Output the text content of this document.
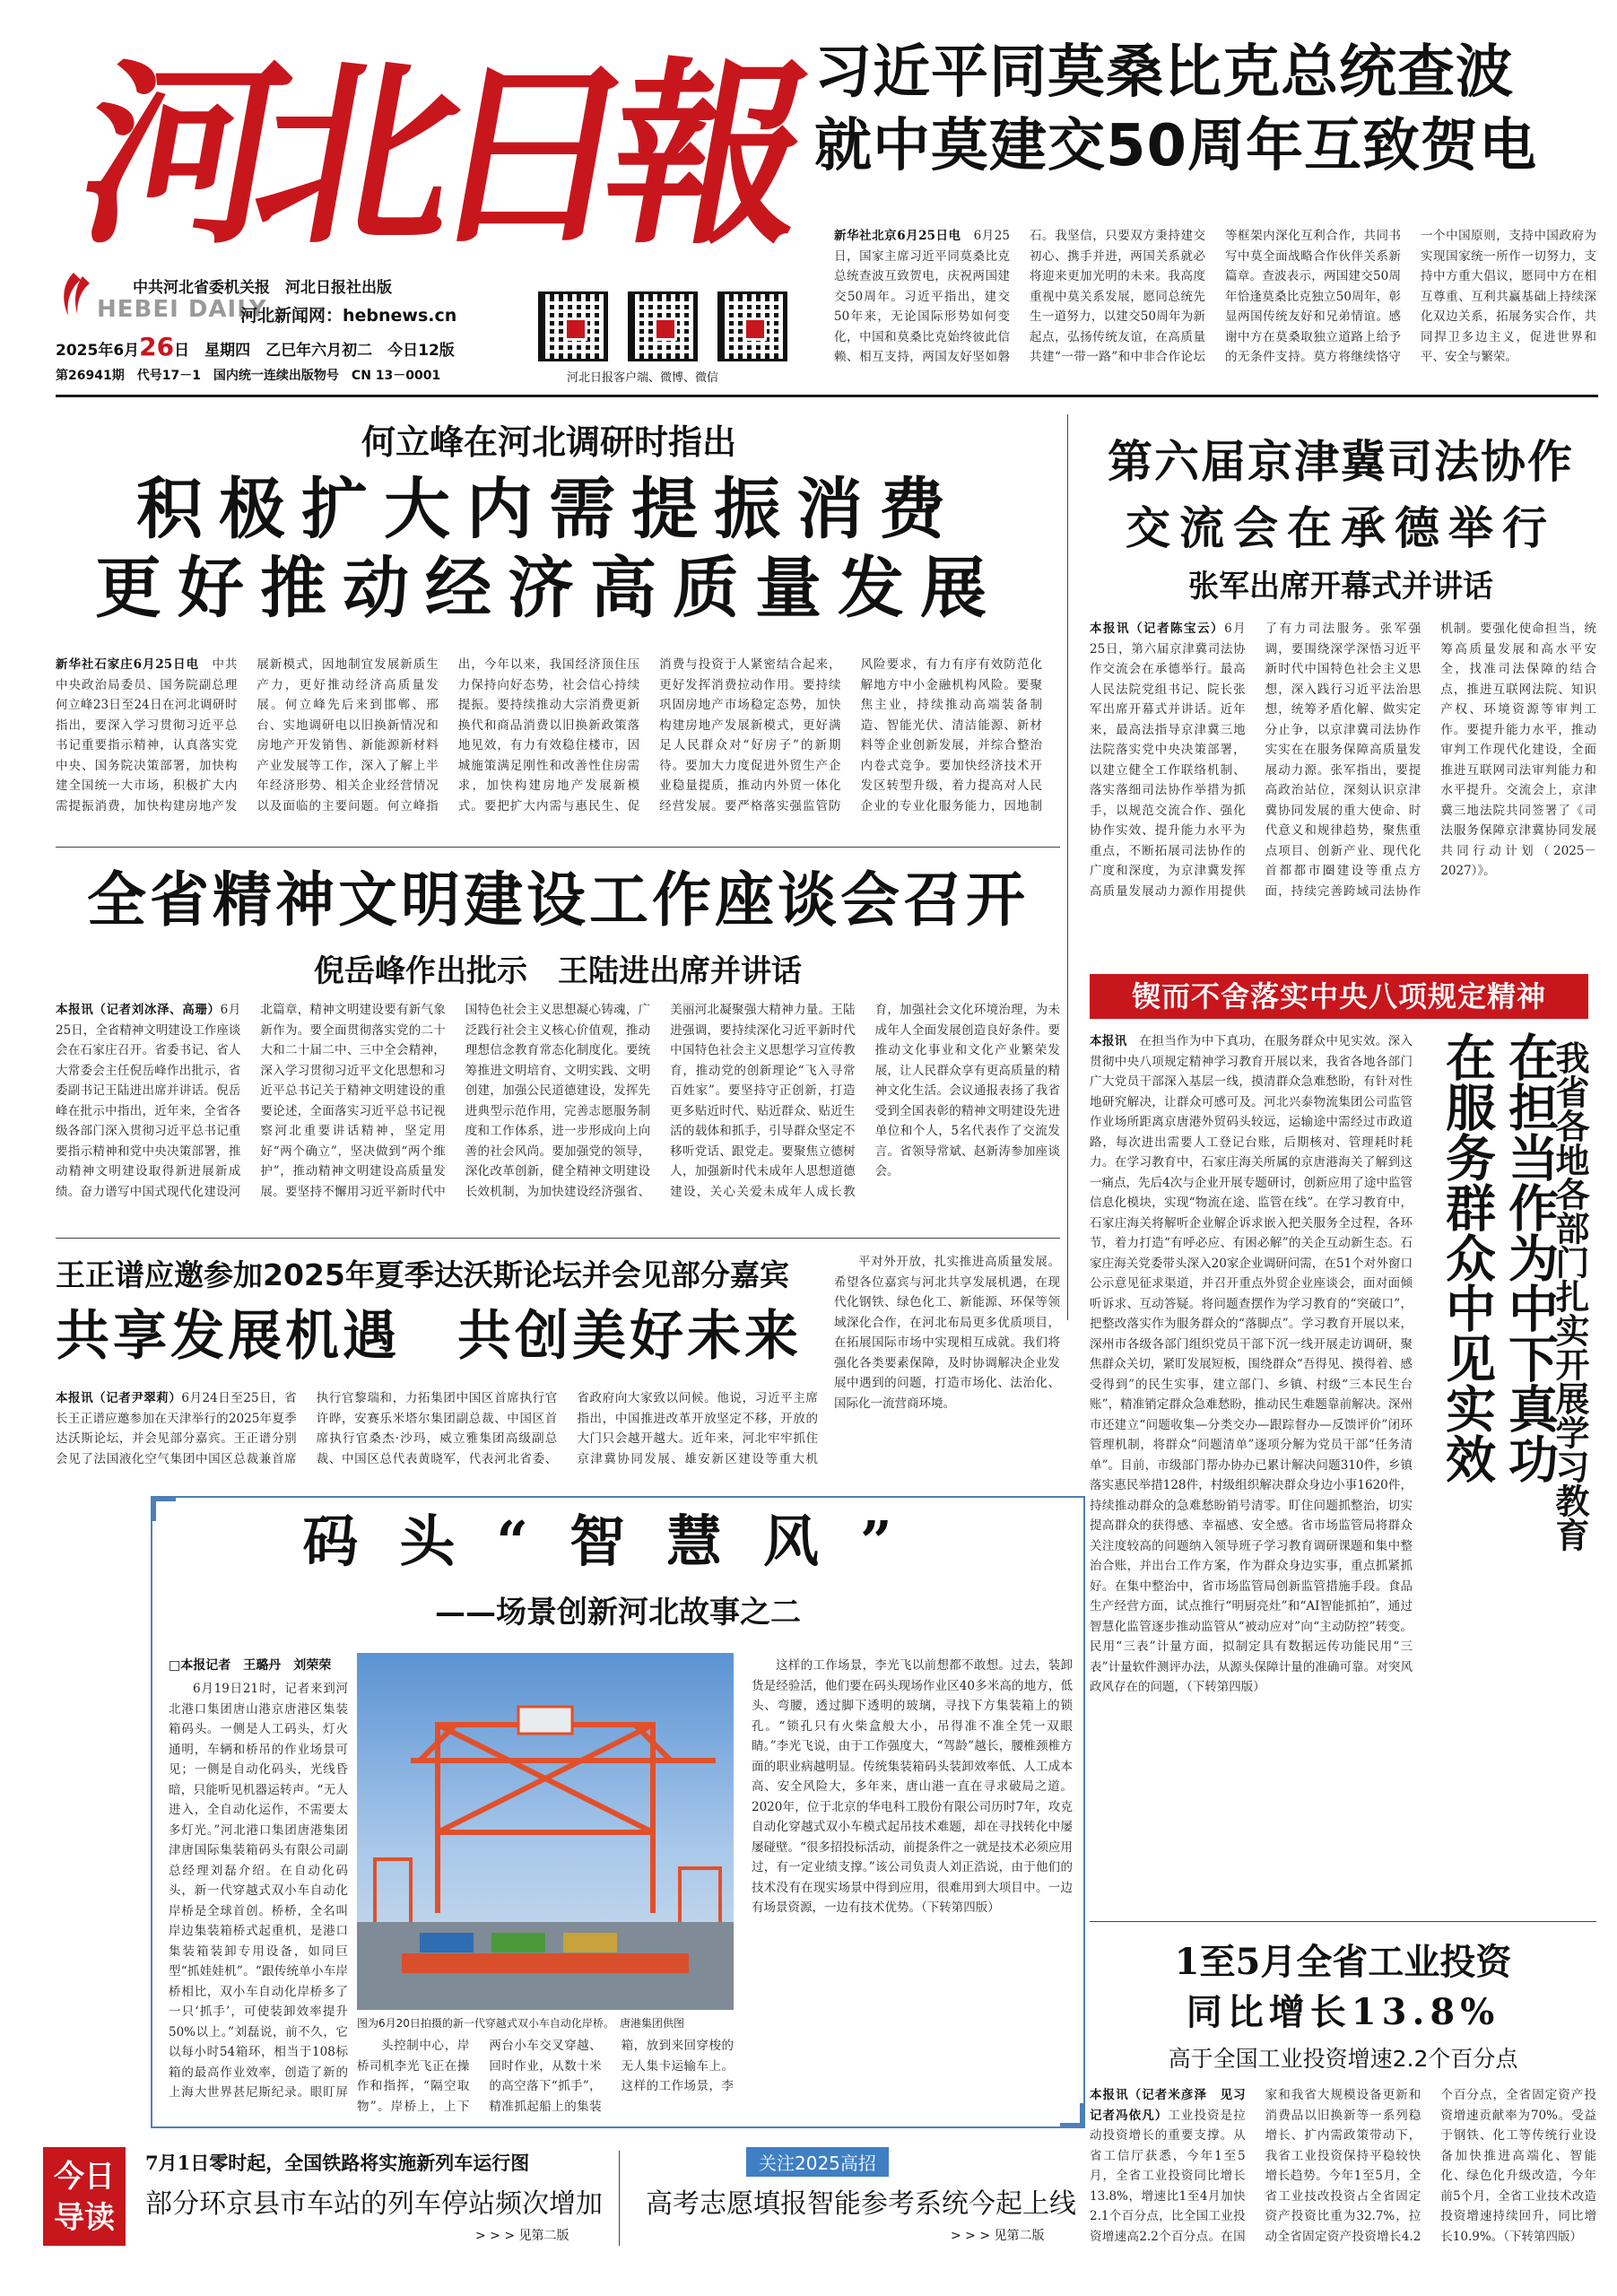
河
北
日
報
中共河北省委机关报　河北日报社出版
HEBEI DAILY
河北新闻网：hebnews.cn
2025年6月26日　星期四　乙巳年六月初二　今日12版
第26941期　代号17－1　国内统一连续出版物号　CN 13－0001	河北日报客户端、微博、微信
习近平同莫桑比克总统查波
就中莫建交50周年互致贺电

新华社北京6月25日电　 6月25日，国家主席习近平同莫桑比克总统查波互致贺电，庆祝两国建交50周年。习近平指出，建交50年来，无论国际形势如何变化，中国和莫桑比克始终彼此信赖、相互支持，两国友好坚如磐石。我坚信，只要双方秉持建交初心、携手并进，两国关系就必将迎来更加光明的未来。我高度重视中莫关系发展，愿同总统先生一道努力，以建交50周年为新起点，弘扬传统友谊，在高质量共建“一带一路”和中非合作论坛等框架内深化互利合作，共同书写中莫全面战略合作伙伴关系新篇章。查波表示，两国建交50周年恰逢莫桑比克独立50周年，彰显两国传统友好和兄弟情谊。感谢中方在莫桑取独立道路上给予的无条件支持。莫方将继续恪守一个中国原则，支持中国政府为实现国家统一所作一切努力，支持中方重大倡议，愿同中方在相互尊重、互利共赢基础上持续深化双边关系，拓展务实合作，共同捍卫多边主义，促进世界和平、安全与繁荣。

何立峰在河北调研时指出
积极扩大内需提振消费
更好推动经济高质量发展

新华社石家庄6月25日电　 中共中央政治局委员、国务院副总理何立峰23日至24日在河北调研时指出，要深入学习贯彻习近平总书记重要指示精神，认真落实党中央、国务院决策部署，加快构建全国统一大市场，积极扩大内需提振消费，加快构建房地产发展新模式，因地制宜发展新质生产力，更好推动经济高质量发展。何立峰先后来到邯郸、邢台、实地调研电以旧换新情况和房地产开发销售、新能源新材料产业发展等工作，深入了解上半年经济形势、相关企业经营情况以及面临的主要问题。何立峰指出，今年以来，我国经济顶住压力保持向好态势，社会信心持续提振。要持续推动大宗消费更新换代和商品消费以旧换新政策落地见效，有力有效稳住楼市，因城施策满足刚性和改善性住房需求，加快构建房地产发展新模式。要把扩大内需与惠民生、促消费与投资于人紧密结合起来，更好发挥消费拉动作用。要持续巩固房地产市场稳定态势，加快构建房地产发展新模式，更好满足人民群众对“好房子”的新期待。要加大力度促进外贸生产企业稳量提质，推动内外贸一体化经营发展。要严格落实强监管防风险要求，有力有序有效防范化解地方中小金融机构风险。要聚焦主业，持续推动高端装备制造、智能光伏、清洁能源、新材料等企业创新发展，并综合整治内卷式竞争。要加快经济技术开发区转型升级，着力提高对人民企业的专业化服务能力，因地制

第六届京津冀司法协作
交流会在承德举行
张军出席开幕式并讲话

本报讯（记者陈宝云）6月25日，第六届京津冀司法协作交流会在承德举行。最高人民法院党组书记、院长张军出席开幕式并讲话。近年来，最高法指导京津冀三地法院落实党中央决策部署，以建立健全工作联络机制、落实落细司法协作举措为抓手，以规范交流合作、强化协作实效、提升能力水平为重点，不断拓展司法协作的广度和深度，为京津冀发挥高质量发展动力源作用提供了有力司法服务。张军强调，要围绕深学深悟习近平新时代中国特色社会主义思想，深入践行习近平法治思想，统筹矛盾化解、做实定分止争，以京津冀司法协作实实在在服务保障高质量发展动力源。张军指出，要提高政治站位，深刻认识京津冀协同发展的重大使命、时代意义和规律趋势，聚焦重点项目、创新产业、现代化首都都市圈建设等重点方面，持续完善跨域司法协作机制。要强化使命担当，统筹高质量发展和高水平安全，找准司法保障的结合点，推进互联网法院、知识产权、环境资源等审判工作。要提升能力水平，推动审判工作现代化建设，全面推进互联网司法审判能力和水平提升。交流会上，京津冀三地法院共同签署了《司法服务保障京津冀协同发展共同行动计划（2025－2027）》。

全省精神文明建设工作座谈会召开
倪岳峰作出批示　王陆进出席并讲话

本报讯（记者刘冰泽、高珊）6月25日，全省精神文明建设工作座谈会在石家庄召开。省委书记、省人大常委会主任倪岳峰作出批示，省委副书记王陆进出席并讲话。倪岳峰在批示中指出，近年来，全省各级各部门深入贯彻习近平总书记重要指示精神和党中央决策部署，推动精神文明建设取得新进展新成绩。奋力谱写中国式现代化建设河北篇章，精神文明建设要有新气象新作为。要全面贯彻落实党的二十大和二十届二中、三中全会精神，深入学习贯彻习近平文化思想和习近平总书记关于精神文明建设的重要论述，全面落实习近平总书记视察河北重要讲话精神，坚定用好“两个确立”，坚决做到“两个维护”，推动精神文明建设高质量发展。要坚持不懈用习近平新时代中国特色社会主义思想凝心铸魂，广泛践行社会主义核心价值观，推动理想信念教育常态化制度化。要统筹推进文明培育、文明实践、文明创建，加强公民道德建设，发挥先进典型示范作用，完善志愿服务制度和工作体系，进一步形成向上向善的社会风尚。要加强党的领导，深化改革创新，健全精神文明建设长效机制，为加快建设经济强省、美丽河北凝聚强大精神力量。王陆进强调，要持续深化习近平新时代中国特色社会主义思想学习宣传教育，推动党的创新理论“飞入寻常百姓家”。要坚持守正创新，打造更多贴近时代、贴近群众、贴近生活的载体和抓手，引导群众坚定不移听党话、跟党走。要聚焦立德树人，加强新时代未成年人思想道德建设，关心关爱未成年人成长教育，加强社会文化环境治理，为未成年人全面发展创造良好条件。要推动文化事业和文化产业繁荣发展，让人民群众享有更高质量的精神文化生活。会议通报表扬了我省受到全国表彰的精神文明建设先进单位和个人，5名代表作了交流发言。省领导常斌、赵新涛参加座谈会。

王正谱应邀参加2025年夏季达沃斯论坛并会见部分嘉宾
共享发展机遇　共创美好未来

本报讯（记者尹翠莉）6月24日至25日，省长王正谱应邀参加在天津举行的2025年夏季达沃斯论坛，并会见部分嘉宾。王正谱分别会见了法国液化空气集团中国区总裁兼首席执行官黎瑞和，力拓集团中国区首席执行官许晔，安赛乐米塔尔集团副总裁、中国区首席执行官桑杰·沙玛，威立雅集团高级副总裁、中国区总代表黄晓军，代表河北省委、省政府向大家致以问候。他说，习近平主席指出，中国推进改革开放坚定不移，开放的大门只会越开越大。近年来，河北牢牢抓住京津冀协同发展、雄安新区建设等重大机

平对外开放，扎实推进高质量发展。希望各位嘉宾与河北共享发展机遇，在现代化钢铁、绿色化工、新能源、环保等领域深化合作，在河北布局更多优质项目，在拓展国际市场中实现相互成就。我们将强化各类要素保障，及时协调解决企业发展中遇到的问题，打造市场化、法治化、国际化一流营商环境。

锲而不舍落实中央八项规定精神

本报讯　 在担当作为中下真功，在服务群众中见实效。深入贯彻中央八项规定精神学习教育开展以来，我省各地各部门广大党员干部深入基层一线，摸清群众急难愁盼，有针对性地研究解决，让群众可感可及。河北兴泰物流集团公司监管作业场所距离京唐港外贸码头较远，运输途中需经过市政道路，每次进出需要人工登记台账，后期核对、管理耗时耗力。在学习教育中，石家庄海关所属的京唐港海关了解到这一痛点，先后4次与企业开展专题研讨，创新应用了途中监管信息化模块，实现“物流在途、监管在线”。在学习教育中，石家庄海关将解听企业解企诉求嵌入把关服务全过程，各环节，着力打造“有呼必应、有困必解”的关企互动新生态。石家庄海关党委带头深入20家企业调研问需，在51个对外窗口公示意见征求渠道，并召开重点外贸企业座谈会，面对面倾听诉求、互动答疑。将问题查摆作为学习教育的“突破口”，把整改落实作为服务群众的“落脚点”。学习教育开展以来，深州市各级各部门组织党员干部下沉一线开展走访调研，聚焦群众关切，紧盯发展短板，围绕群众“吾得见、摸得着、感受得到”的民生实事，建立部门、乡镇、村级“三本民生台账”，精准销定群众急难愁盼，推动民生难题靠前解决。深州市还建立“问题收集—分类交办—跟踪督办—反馈评价”闭环管理机制，将群众“问题清单”逐项分解为党员干部“任务清单”。目前，市级部门帮办协办已累计解决问题310件，乡镇落实惠民举措128件，村级组织解决群众身边小事1620件，持续推动群众的急难愁盼销号清零。盯住问题抓整治，切实提高群众的获得感、幸福感、安全感。省市场监管局将群众关注度较高的问题纳入领导班子学习教育调研课题和集中整治合账，并出台工作方案，作为群众身边实事，重点抓紧抓好。在集中整治中，省市场监管局创新监管措施手段。食品生产经营方面，试点推行“明厨亮灶”和“AI智能抓拍”，通过智慧化监管逐步推动监管从“被动应对”向“主动防控”转变。民用“三表”计量方面，拟制定具有数据远传功能民用“三表”计量软件测评办法，从源头保障计量的准确可靠。对突风政风存在的问题，（下转第四版）

在担当作为中下真功
在服务群众中见实效 我省各地各部门扎实开展学习教育
1至5月全省工业投资
同比增长13.8%
高于全国工业投资增速2.2个百分点

本报讯（记者米彦泽　见习记者冯依凡）工业投资是拉动投资增长的重要支撑。从省工信厅获悉，今年1至5月，全省工业投资同比增长13.8%，增速比1至4月加快2.1个百分点，比全国工业投资增速高2.2个百分点。在国家和我省大规模设备更新和消费品以旧换新等一系列稳增长、扩内需政策带动下，我省工业投资保持平稳较快增长趋势。今年1至5月，全省工业技改投资占全省固定资产投资比重为32.7%，拉动全省固定资产投资增长4.2个百分点，全省固定资产投资增速贡献率为70%。受益于钢铁、化工等传统行业设备加快推进高端化、智能化、绿色化升级改造，今年前5个月，全省工业技术改造投资增速持续回升，同比增长10.9%。（下转第四版）

码头“智慧风”
——场景创新河北故事之二
□本报记者　王璐丹　刘荣荣

6月19日21时，记者来到河北港口集团唐山港京唐港区集装箱码头。一侧是人工码头，灯火通明，车辆和桥吊的作业场景可见；一侧是自动化码头，光线昏暗，只能听见机器运转声。“无人进入，全自动化运作，不需要太多灯光。”河北港口集团唐港集团津唐国际集装箱码头有限公司副总经理刘磊介绍。在自动化码头，新一代穿越式双小车自动化岸桥是全球首创。桥桥，全名叫岸边集装箱桥式起重机，是港口集装箱装卸专用设备，如同巨型“抓娃娃机”。“跟传统单小车岸桥相比，双小车自动化岸桥多了一只‘抓手’，可使装卸效率提升50%以上。”刘磊说，前不久，它以每小时54箱环，相当于108标箱的最高作业效率，创造了新的上海大世界甚尼斯纪录。眼盯屏

图为6月20日拍摄的新一代穿越式双小车自动化岸桥。　 唐港集团供图

头控制中心，岸桥司机李光飞正在操作和指挥，“隔空取物”。岸桥上，上下两台小车交叉穿越、回时作业，从数十米的高空落下“抓手”，精准抓起船上的集装箱，放到来回穿梭的无人集卡运输车上。这样的工作场景，李

这样的工作场景，李光飞以前想都不敢想。过去，装卸货是经验活，他们要在码头现场作业区40多米高的地方，低头、弯腰，透过脚下透明的玻璃，寻找下方集装箱上的锁孔。“锁孔只有火柴盒般大小，吊得准不准全凭一双眼睛。”李光飞说，由于工作强度大，“驾龄”越长，腰椎颈椎方面的职业病越明显。传统集装箱码头装卸效率低、人工成本高、安全风险大，多年来，唐山港一直在寻求破局之道。2020年，位于北京的华电科工股份有限公司历时7年，攻克自动化穿越式双小车模式起吊技术难题，却在寻找转化中屡屡碰壁。“很多招投标活动，前提条件之一就是技术必须应用过，有一定业绩支撑。”该公司负责人刘正浩说，由于他们的技术没有在现实场景中得到应用，很难用到大项目中。一边有场景资源，一边有技术优势。（下转第四版）

今日
导读
7月1日零时起，全国铁路将实施新列车运行图
部分环京县市车站的列车停站频次增加
> > > 见第二版
关注2025高招
高考志愿填报智能参考系统今起上线
> > > 见第二版
